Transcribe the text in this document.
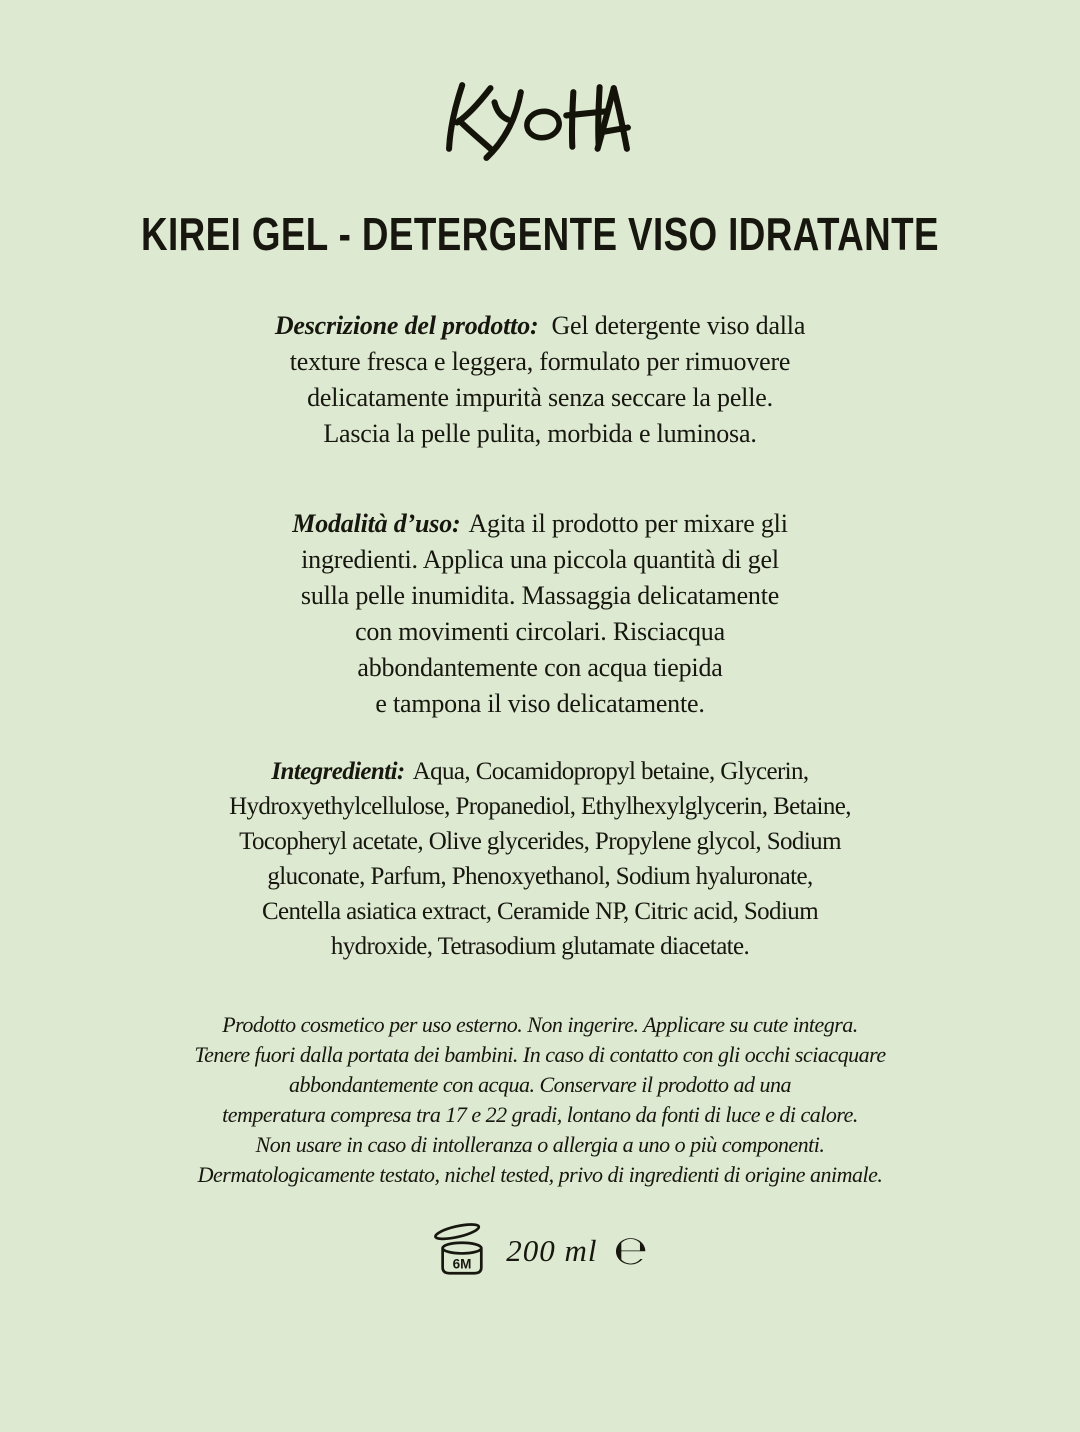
KIREI GEL - DETERGENTE VISO IDRATANTE

Descrizione del prodotto: Gel detergente viso dalla
texture fresca e leggera, formulato per rimuovere
delicatamente impurità senza seccare la pelle.
Lascia la pelle pulita, morbida e luminosa.

Modalità d’uso: Agita il prodotto per mixare gli
ingredienti. Applica una piccola quantità di gel
sulla pelle inumidita. Massaggia delicatamente
con movimenti circolari. Risciacqua
abbondantemente con acqua tiepida
e tampona il viso delicatamente.

Integredienti: Aqua, Cocamidopropyl betaine, Glycerin,
Hydroxyethylcellulose, Propanediol, Ethylhexylglycerin, Betaine,
Tocopheryl acetate, Olive glycerides, Propylene glycol, Sodium
gluconate, Parfum, Phenoxyethanol, Sodium hyaluronate,
Centella asiatica extract, Ceramide NP, Citric acid, Sodium
hydroxide, Tetrasodium glutamate diacetate.

Prodotto cosmetico per uso esterno. Non ingerire. Applicare su cute integra.
Tenere fuori dalla portata dei bambini. In caso di contatto con gli occhi sciacquare
abbondantemente con acqua. Conservare il prodotto ad una
temperatura compresa tra 17 e 22 gradi, lontano da fonti di luce e di calore.
Non usare in caso di intolleranza o allergia a uno o più componenti.
Dermatologicamente testato, nichel tested, privo di ingredienti di origine animale.

6M 200 ml ℮
